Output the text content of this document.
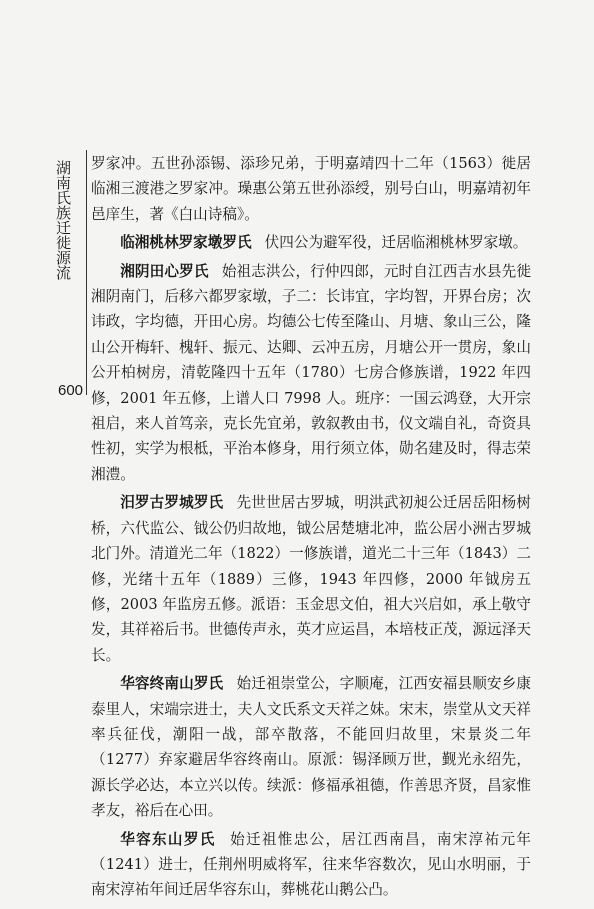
湖南氏族迁徙源流
600

罗家冲。五世孙添锡、添珍兄弟，于明嘉靖四十二年（1563）徙居临湘三渡港之罗家冲。璪惠公第五世孙添绶，别号白山，明嘉靖初年邑庠生，著《白山诗稿》。

临湘桃林罗家墩罗氏 伏四公为避军役，迁居临湘桃林罗家墩。

湘阴田心罗氏 始祖志洪公，行仲四郎，元时自江西吉水县先徙湘阴南门，后移六都罗家墩，子二：长讳宜，字均智，开界台房；次讳政，字均德，开田心房。均德公七传至隆山、月塘、象山三公，隆山公开梅轩、槐轩、振元、达卿、云冲五房，月塘公开一贯房，象山公开柏树房，清乾隆四十五年（1780）七房合修族谱，1922 年四修，2001 年五修，上谱人口 7998 人。班序：一国云鸿登，大开宗祖启，来人首笃亲，克长先宜弟，敦叙教由书，仪文端自礼，奇资具性初，实学为根柢，平治本修身，用行须立体，勋名建及时，得志荣湘澧。

汨罗古罗城罗氏 先世世居古罗城，明洪武初昶公迁居岳阳杨树桥，六代监公、钺公仍归故地，钺公居楚塘北冲，监公居小洲古罗城北门外。清道光二年（1822）一修族谱，道光二十三年（1843）二修，光绪十五年（1889）三修，1943 年四修，2000 年钺房五修，2003 年监房五修。派语：玉金思文伯，祖大兴启如，承上敬守发，其祥裕后书。世德传声永，英才应运昌，本培枝正茂，源远泽天长。

华容终南山罗氏 始迁祖崇堂公，字顺庵，江西安福县顺安乡康泰里人，宋端宗进士，夫人文氏系文天祥之妹。宋末，崇堂从文天祥率兵征伐，潮阳一战，部卒散落，不能回归故里，宋景炎二年（1277）弃家避居华容终南山。原派：锡泽顾万世，觐光永绍先，源长学必达，本立兴以传。续派：修福承祖德，作善思齐贤，昌家惟孝友，裕后在心田。

华容东山罗氏 始迁祖惟忠公，居江西南昌，南宋淳祐元年（1241）进士，任荆州明威将军，往来华容数次，见山水明丽，于南宋淳祐年间迁居华容东山，葬桃花山鹅公凸。
